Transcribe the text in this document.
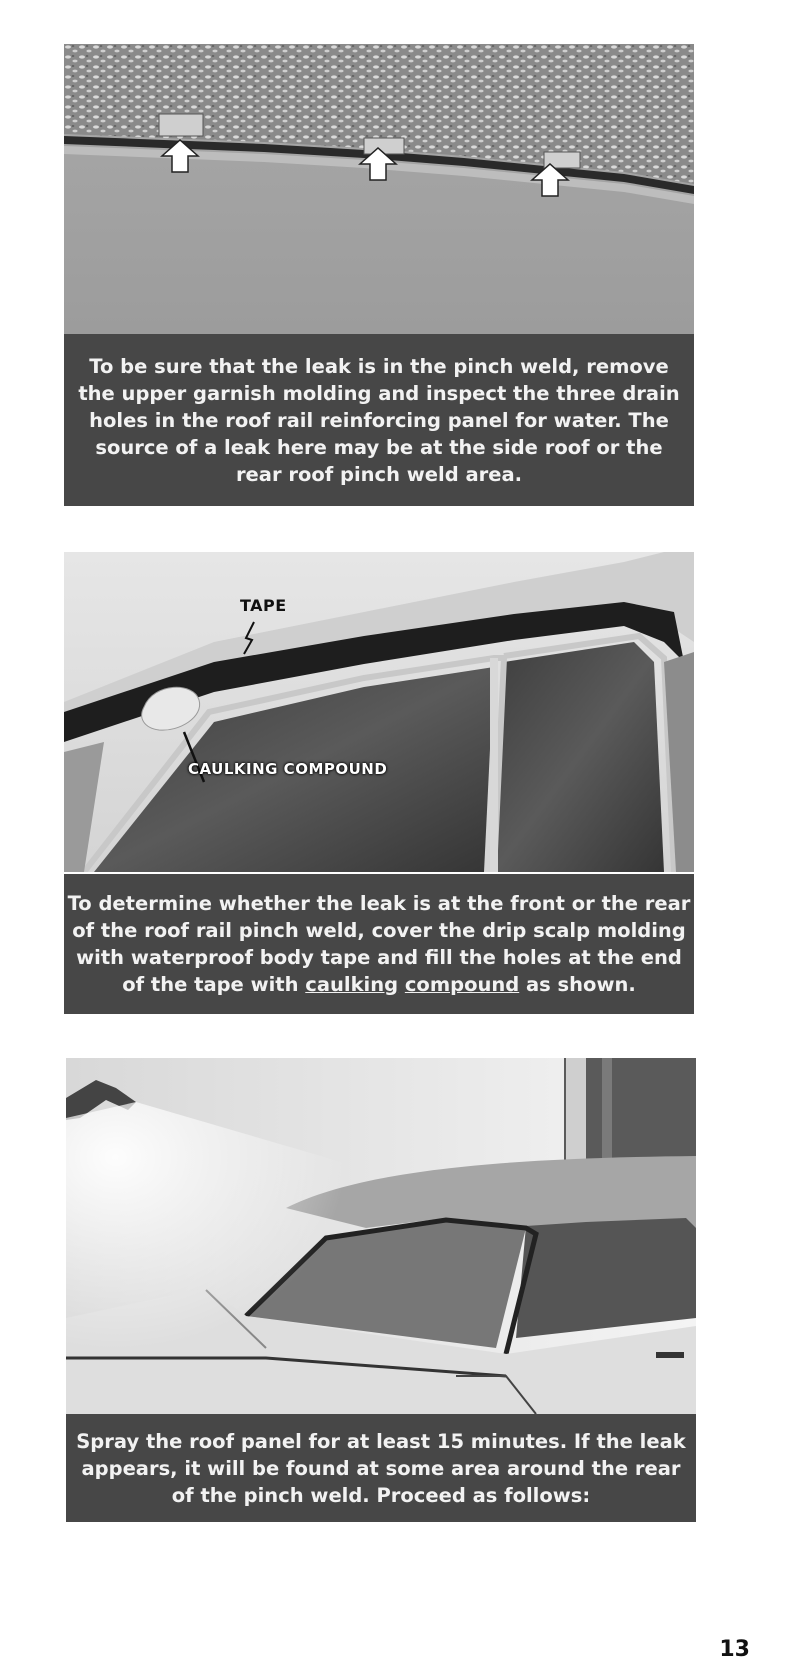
To be sure that the leak is in the pinch weld, remove
the upper garnish molding and inspect the three drain
holes in the roof rail reinforcing panel for water. The
source of a leak here may be at the side roof or the
rear roof pinch weld area.
TAPE
CAULKING COMPOUND
To determine whether the leak is at the front or the rear
of the roof rail pinch weld, cover the drip scalp molding
with waterproof body tape and fill the holes at the end
of the tape with caulking compound as shown.
Spray the roof panel for at least 15 minutes. If the leak
appears, it will be found at some area around the rear
of the pinch weld. Proceed as follows:
13
